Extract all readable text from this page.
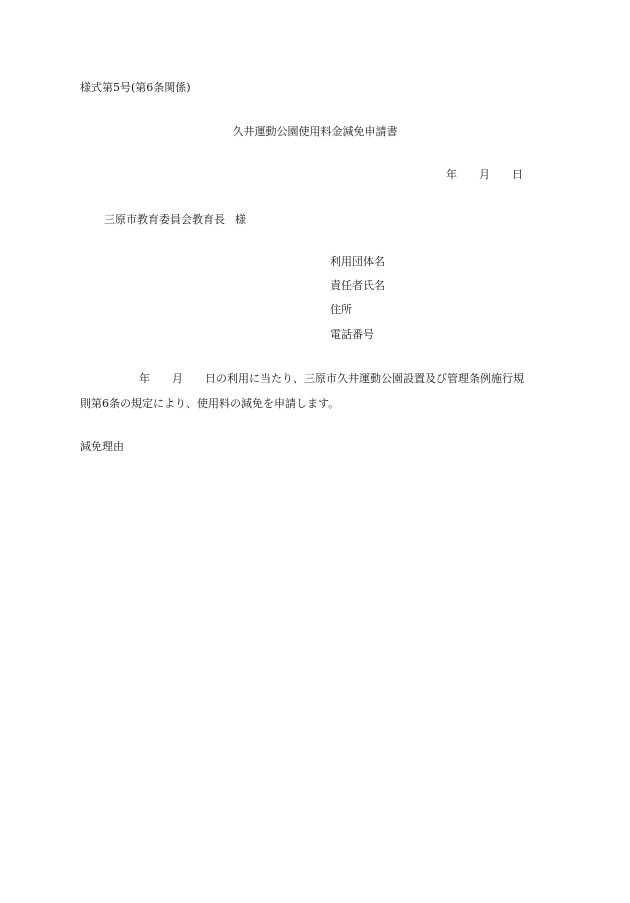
様式第5号(第6条関係)
久井運動公園使用料金減免申請書
年 月 日
三原市教育委員会教育長 様
利用団体名
責任者氏名
住所
電話番号
年 月 日の利用に当たり、三原市久井運動公園設置及び管理条例施行規
則第6条の規定により、使用料の減免を申請します。
減免理由
